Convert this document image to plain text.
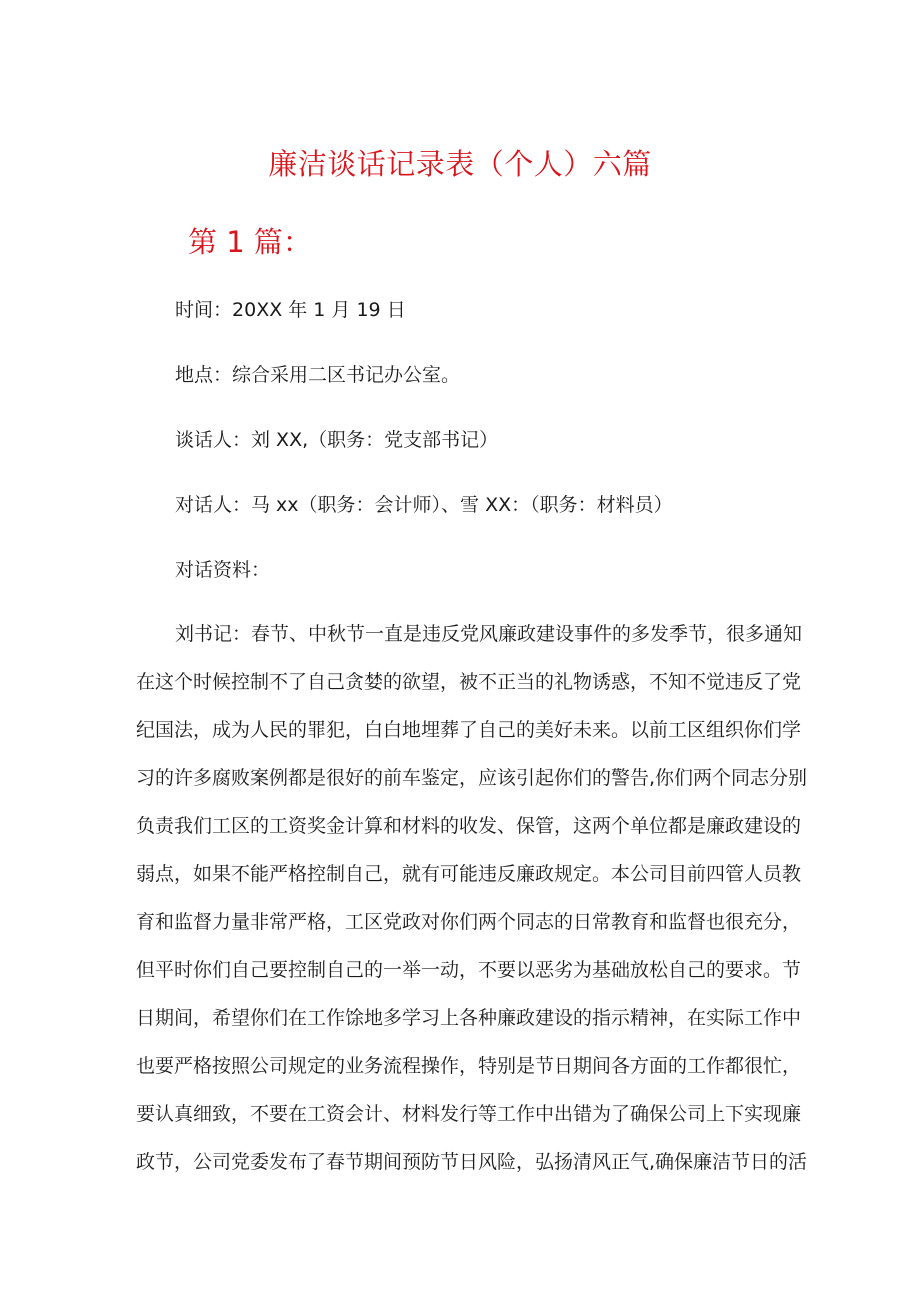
廉洁谈话记录表（个人）六篇
第 1 篇：

时间：20XX 年 1 月 19 日

地点：综合采用二区书记办公室。

谈话人：刘 XX,（职务：党支部书记）

对话人：马 xx（职务：会计师）、雪 XX：（职务：材料员）

对话资料：

刘书记：春节、中秋节一直是违反党风廉政建设事件的多发季节，很多通知

在这个时候控制不了自己贪婪的欲望，被不正当的礼物诱惑，不知不觉违反了党

纪国法，成为人民的罪犯，白白地埋葬了自己的美好未来。以前工区组织你们学

习的许多腐败案例都是很好的前车鉴定，应该引起你们的警告,你们两个同志分别

负责我们工区的工资奖金计算和材料的收发、保管，这两个单位都是廉政建设的

弱点，如果不能严格控制自己，就有可能违反廉政规定。本公司目前四管人员教

育和监督力量非常严格，工区党政对你们两个同志的日常教育和监督也很充分，

但平时你们自己要控制自己的一举一动，不要以恶劣为基础放松自己的要求。节

日期间，希望你们在工作馀地多学习上各种廉政建设的指示精神，在实际工作中

也要严格按照公司规定的业务流程操作，特别是节日期间各方面的工作都很忙，

要认真细致，不要在工资会计、材料发行等工作中出错为了确保公司上下实现廉

政节，公司党委发布了春节期间预防节日风险，弘扬清风正气,确保廉洁节日的活
